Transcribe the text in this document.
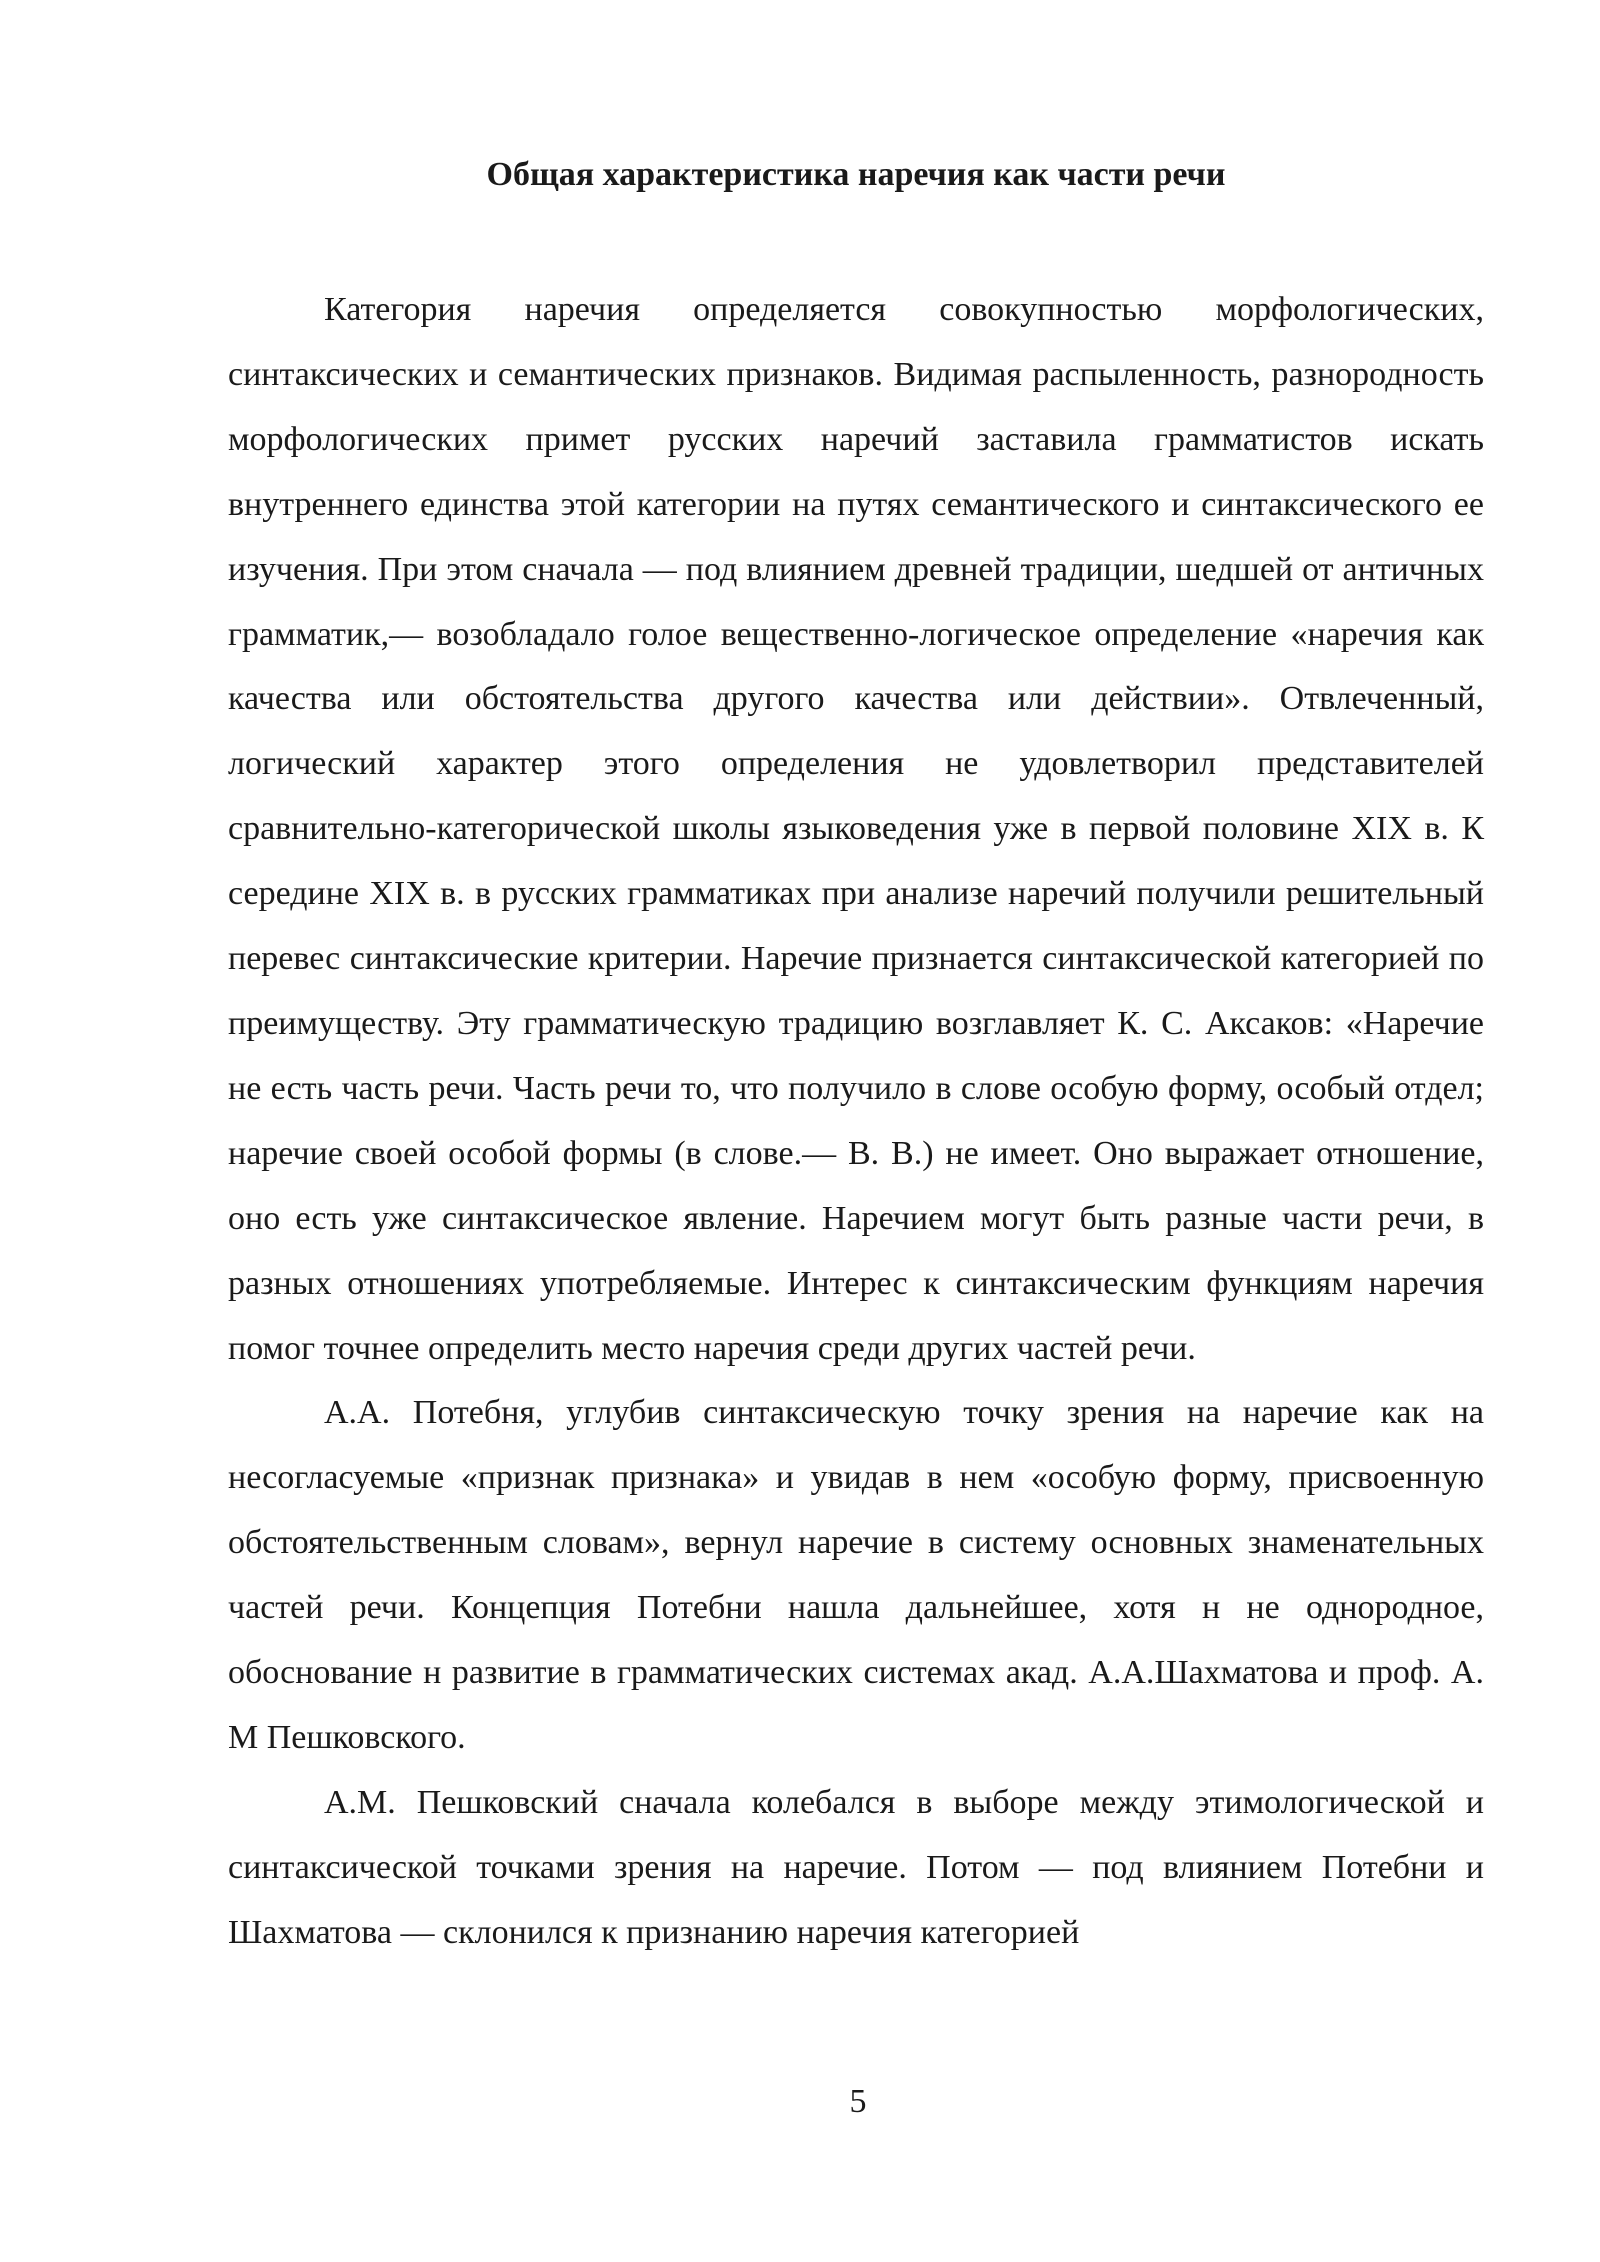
Общая характеристика наречия как части речи

Категория наречия определяется совокупностью морфологических, синтаксических и семантических признаков. Видимая распыленность, разнородность морфологических примет русских наречий заставила грамматистов искать внутреннего единства этой категории на путях семантического и синтаксического ее изучения. При этом сначала — под влиянием древней традиции, шедшей от античных грамматик,— возобладало голое вещественно-логическое определение «наречия как качества или обстоятельства другого качества или действии». Отвлеченный, логический характер этого определения не удовлетворил представителей сравнительно-категорической школы языковедения уже в первой половине XIX в. К середине XIX в. в русских грамматиках при анализе наречий получили решительный перевес синтаксические критерии. Наречие признается синтаксической категорией по преимуществу. Эту грамматическую традицию возглавляет К. С. Аксаков: «Наречие не есть часть речи. Часть речи то, что получило в слове особую форму, особый отдел; наречие своей особой формы (в слове.— В. В.) не имеет. Оно выражает отношение, оно есть уже синтаксическое явление. Наречием могут быть разные части речи, в разных отношениях употребляемые. Интерес к синтаксическим функциям наречия помог точнее определить место наречия среди других частей речи.

А.А. Потебня, углубив синтаксическую точку зрения на наречие как на несогласуемые «признак признака» и увидав в нем «особую форму, присвоенную обстоятельственным словам», вернул наречие в систему основных знаменательных частей речи. Концепция Потебни нашла дальнейшее, хотя н не однородное, обоснование н развитие в грамматических системах акад. А.А.Шахматова и проф. А. М Пешковского.

А.М. Пешковский сначала колебался в выборе между этимологической и синтаксической точками зрения на наречие. Потом — под влиянием Потебни и Шахматова — склонился к признанию наречия категорией

5
